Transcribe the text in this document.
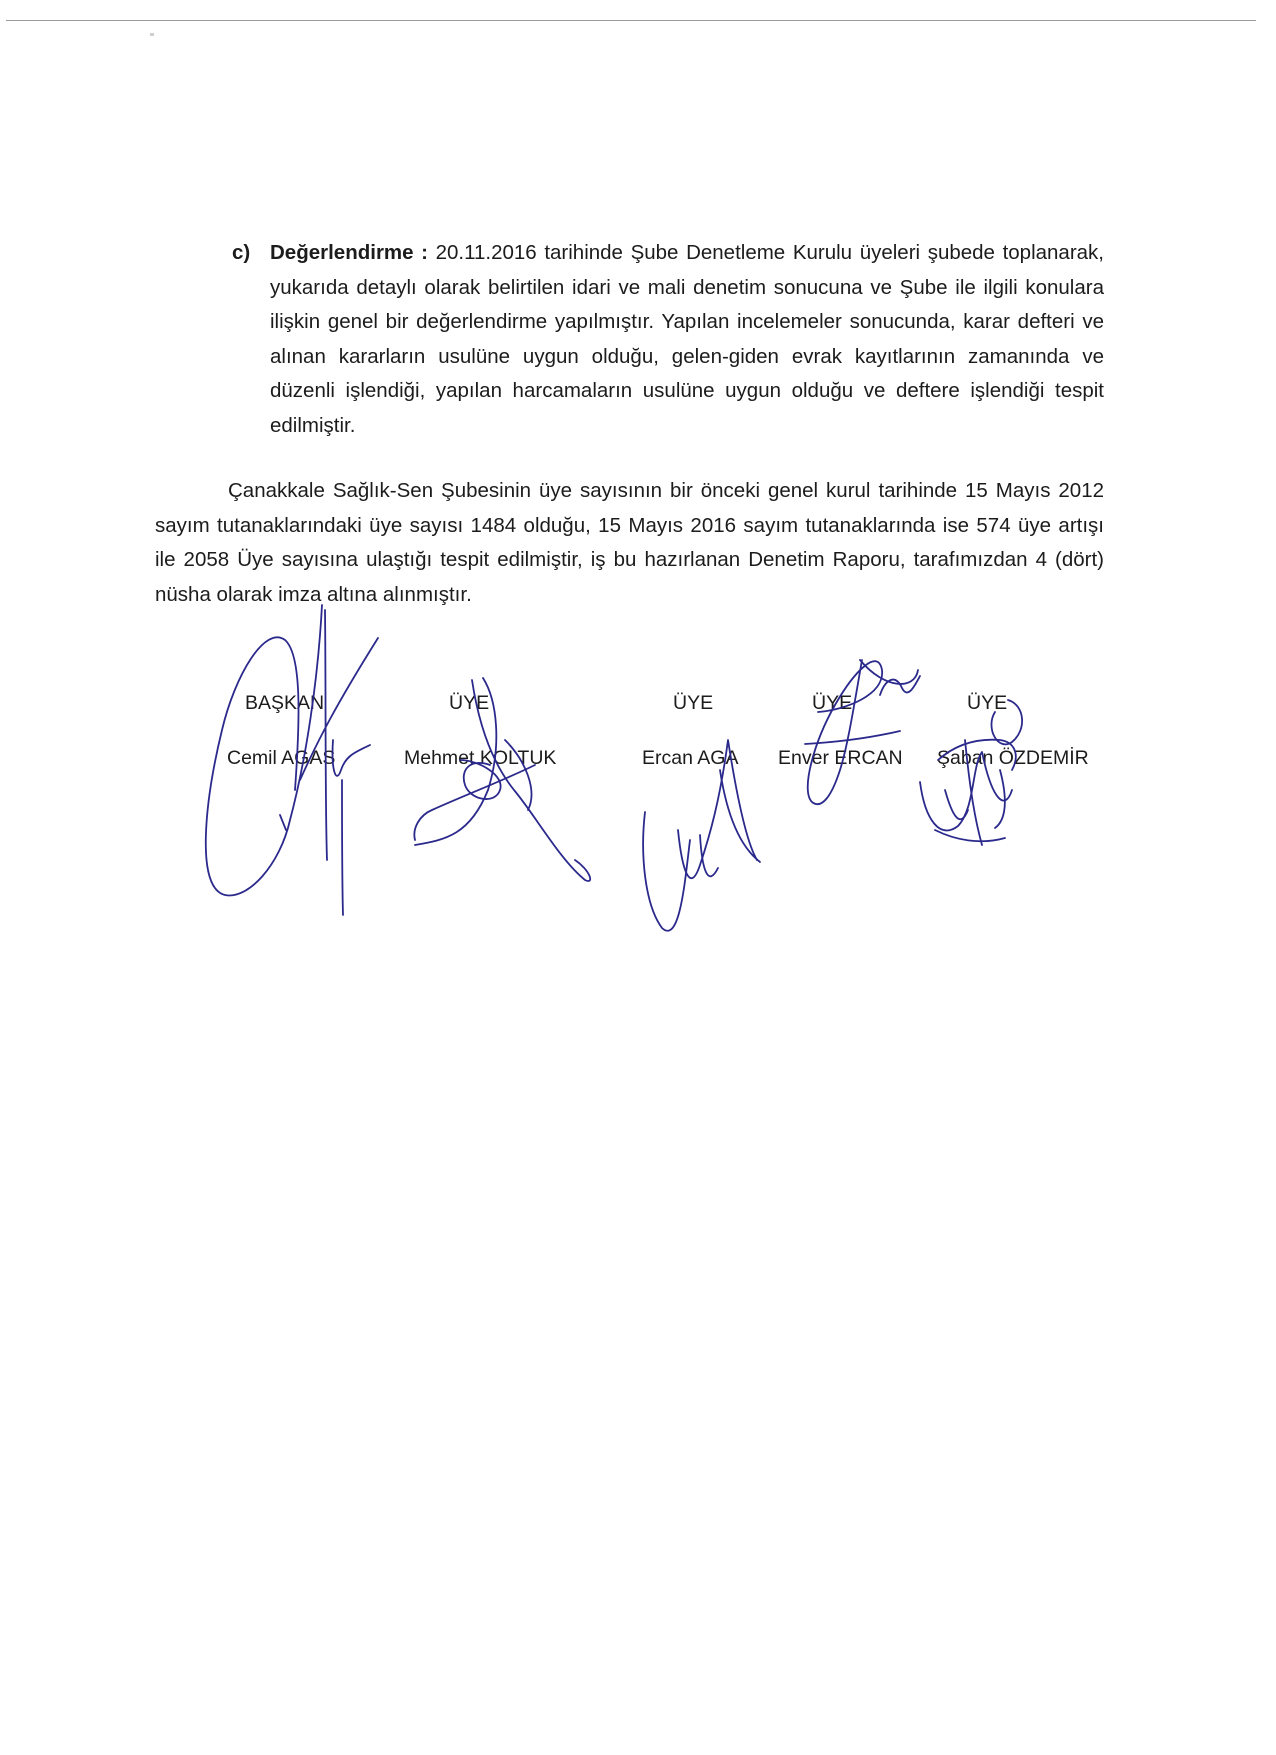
c) Değerlendirme : 20.11.2016 tarihinde Şube Denetleme Kurulu üyeleri şubede toplanarak, yukarıda detaylı olarak belirtilen idari ve mali denetim sonucuna ve Şube ile ilgili konulara ilişkin genel bir değerlendirme yapılmıştır. Yapılan incelemeler sonucunda, karar defteri ve alınan kararların usulüne uygun olduğu, gelen-giden evrak kayıtlarının zamanında ve düzenli işlendiği, yapılan harcamaların usulüne uygun olduğu ve deftere işlendiği tespit edilmiştir.

Çanakkale Sağlık-Sen Şubesinin üye sayısının bir önceki genel kurul tarihinde 15 Mayıs 2012 sayım tutanaklarındaki üye sayısı 1484 olduğu, 15 Mayıs 2016 sayım tutanaklarında ise 574 üye artışı ile 2058 Üye sayısına ulaştığı tespit edilmiştir, iş bu hazırlanan Denetim Raporu, tarafımızdan 4 (dört) nüsha olarak imza altına alınmıştır.

BAŞKAN
Cemil AGAS
ÜYE
Mehmet KOLTUK
ÜYE
Ercan AGA
ÜYE
Enver ERCAN
ÜYE
Şaban ÖZDEMİR
